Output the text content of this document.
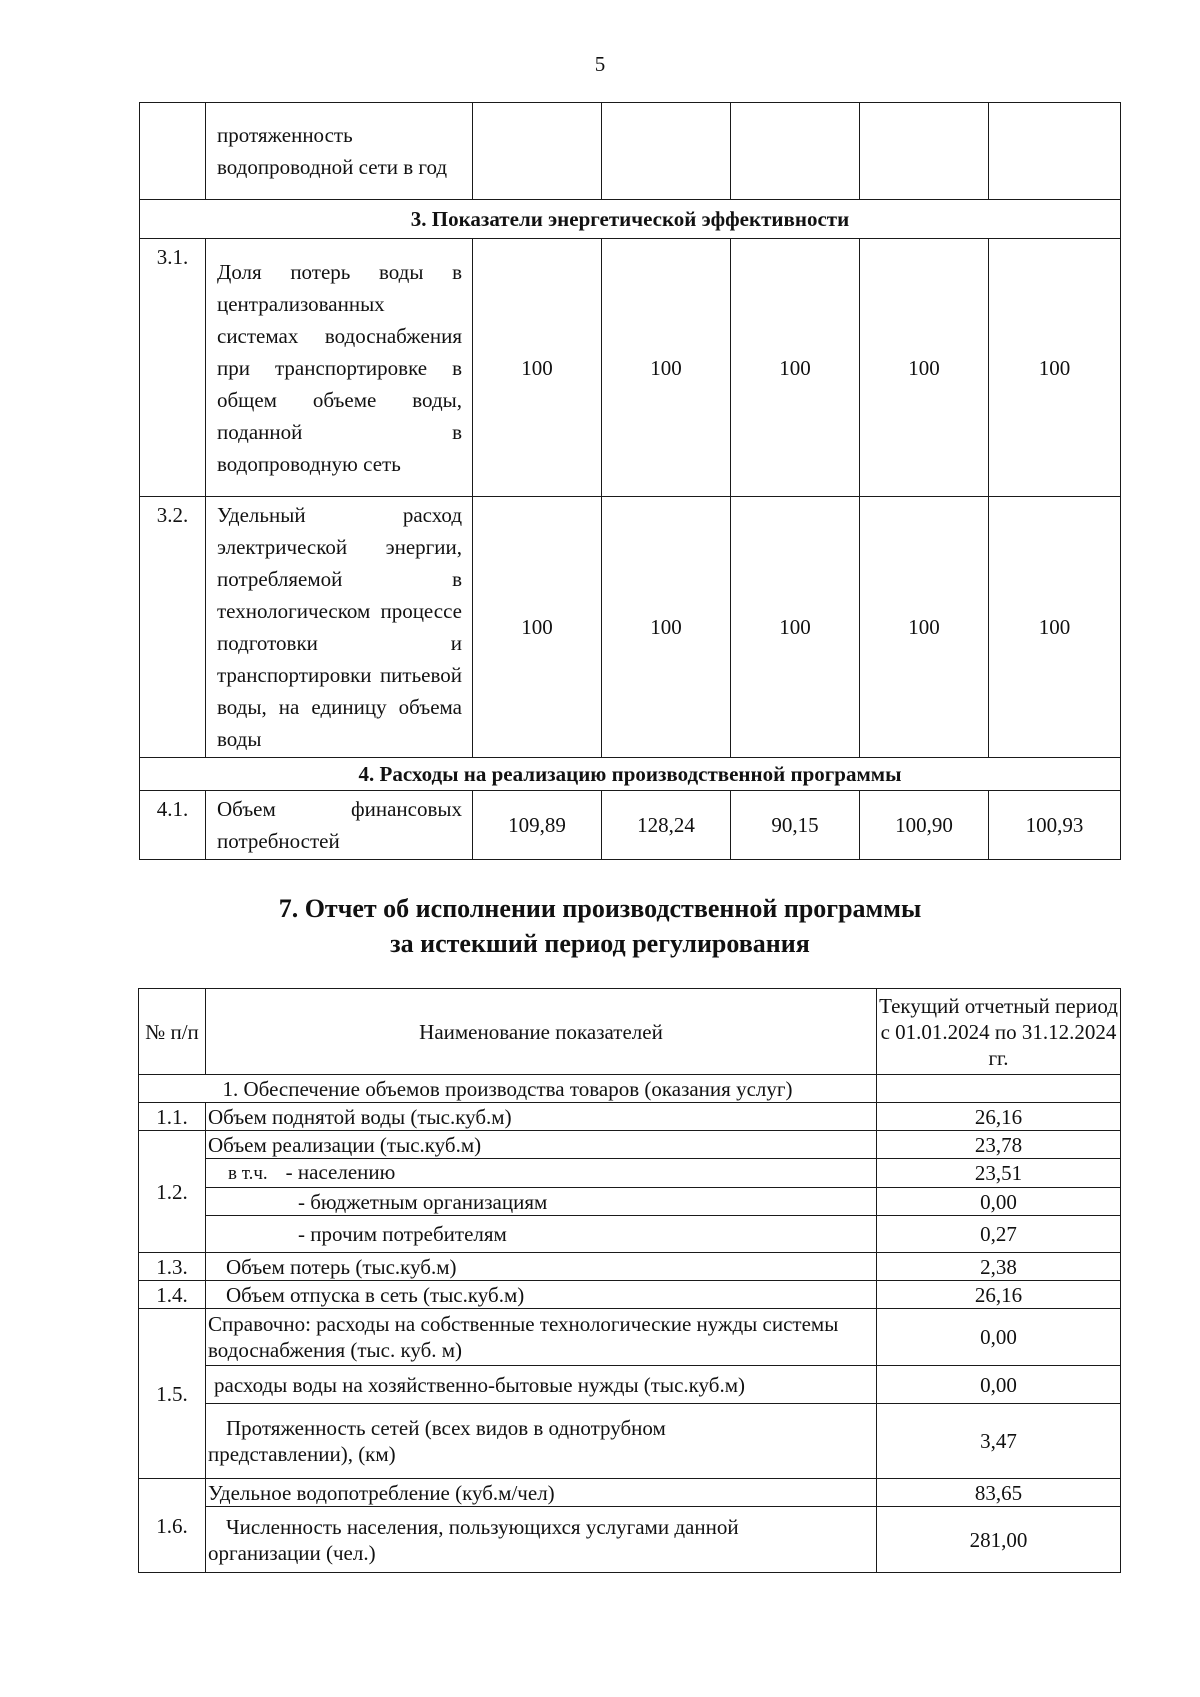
5
	протяженность водопроводной сети в год					
3. Показатели энергетической эффективности						
3.1.	Доля потерь воды в централизованных системах водоснабжения при транспортировке в общем объеме воды, поданной в водопроводную сеть	100	100	100	100	100
3.2.	Удельный расход электрической энергии, потребляемой в технологическом процессе подготовки и транспортировки питьевой воды, на единицу объема воды	100	100	100	100	100
4. Расходы на реализацию производственной программы						
4.1.	Объем финансовых потребностей	109,89	128,24	90,15	100,90	100,93
7. Отчет об исполнении производственной программы
за истекший период регулирования
№ п/п	Наименование показателей	Текущий отчетный период с 01.01.2024 по 31.12.2024 гг.
1. Обеспечение объемов производства товаров (оказания услуг)		
1.1.	Объем поднятой воды (тыс.куб.м)	26,16
1.2.	Объем реализации (тыс.куб.м)	23,78
	в т.ч. - населению	23,51
	- бюджетным организациям	0,00
	- прочим потребителям	0,27
1.3.	Объем потерь (тыс.куб.м)	2,38
1.4.	Объем отпуска в сеть (тыс.куб.м)	26,16
1.5.	Справочно: расходы на собственные технологические нужды системы водоснабжения (тыс. куб. м)	0,00
	расходы воды на хозяйственно-бытовые нужды (тыс.куб.м)	0,00
	Протяженность сетей (всех видов в однотрубном представлении), (км)	3,47
1.6.	Удельное водопотребление (куб.м/чел)	83,65
	Численность населения, пользующихся услугами данной организации (чел.)	281,00
